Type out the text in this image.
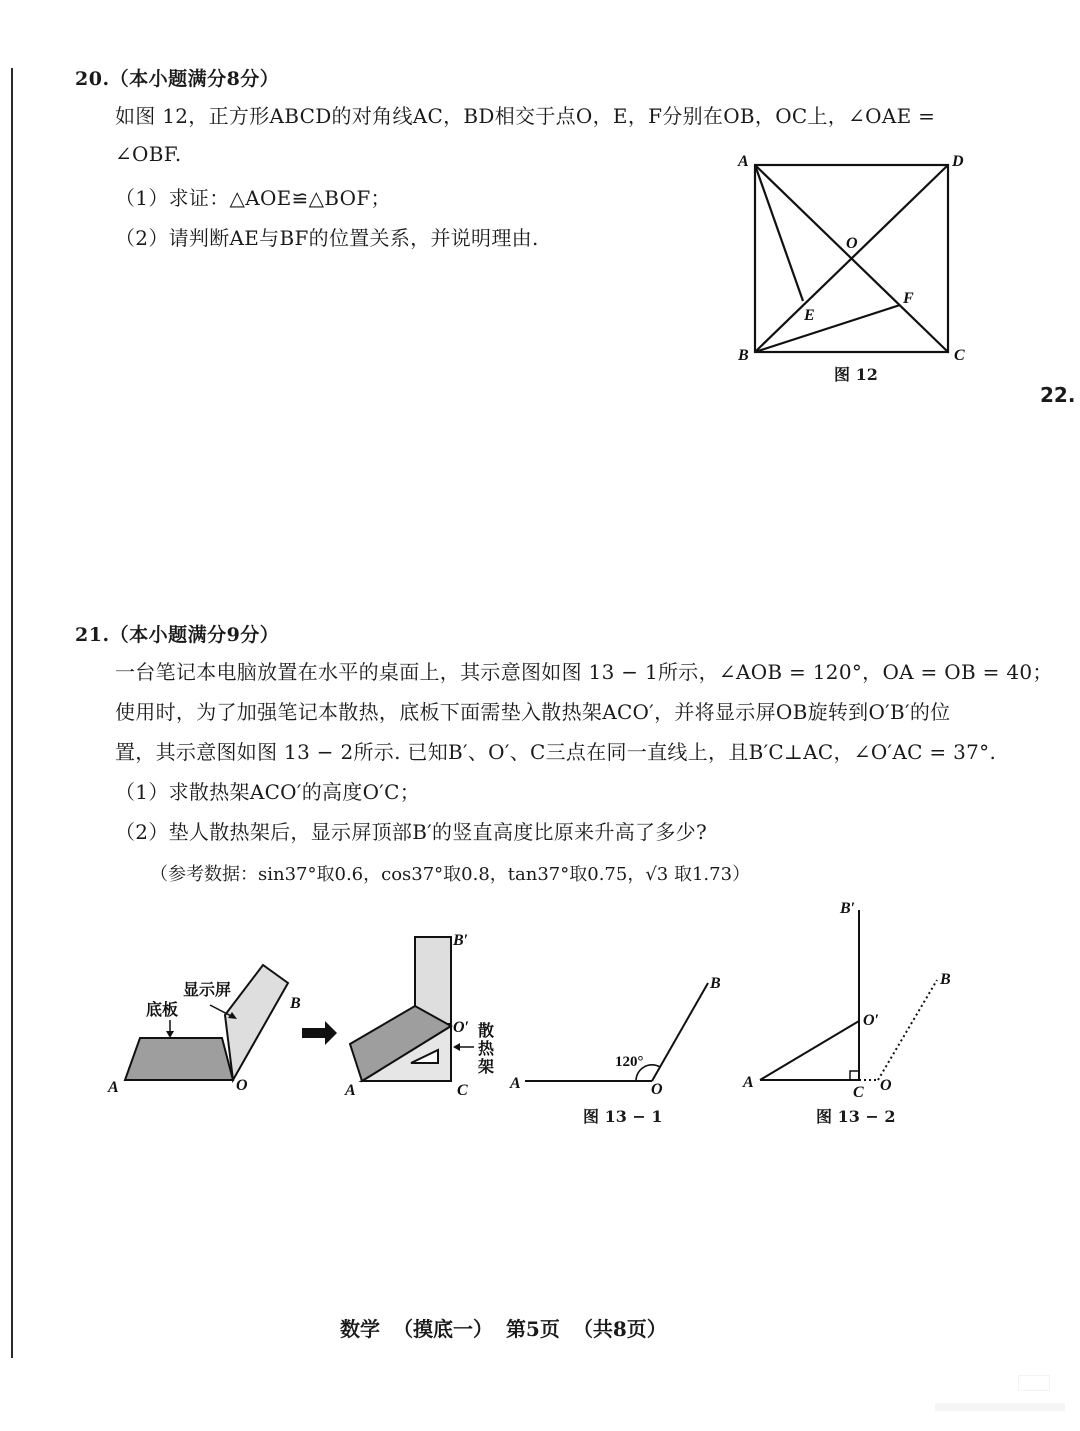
20.（本小题满分8分）
如图 12，正方形ABCD的对角线AC，BD相交于点O，E，F分别在OB，OC上，∠OAE =
∠OBF.
（1）求证：△AOE≌△BOF；
（2）请判断AE与BF的位置关系，并说明理由.
A	D
B	C
O
E
F
图 12
22.
21.（本小题满分9分）
一台笔记本电脑放置在水平的桌面上，其示意图如图 13 − 1所示，∠AOB = 120°，OA = OB = 40；
使用时，为了加强笔记本散热，底板下面需垫入散热架ACO′，并将显示屏OB旋转到O′B′的位
置，其示意图如图 13 − 2所示. 已知B′、O′、C三点在同一直线上，且B′C⊥AC，∠O′AC = 37°.
（1）求散热架ACO′的高度O′C；
（2）垫人散热架后，显示屏顶部B′的竖直高度比原来升高了多少?
（参考数据：sin37°取0.6，cos37°取0.8，tan37°取0.75，√3 取1.73）
A	O
B
显示屏
底板
B′
O′
A	C
散
热
架
A	O
B
120°
图 13 − 1
B′
O′
A
C O
B
图 13 − 2
数学 （摸底一） 第5页 （共8页）
